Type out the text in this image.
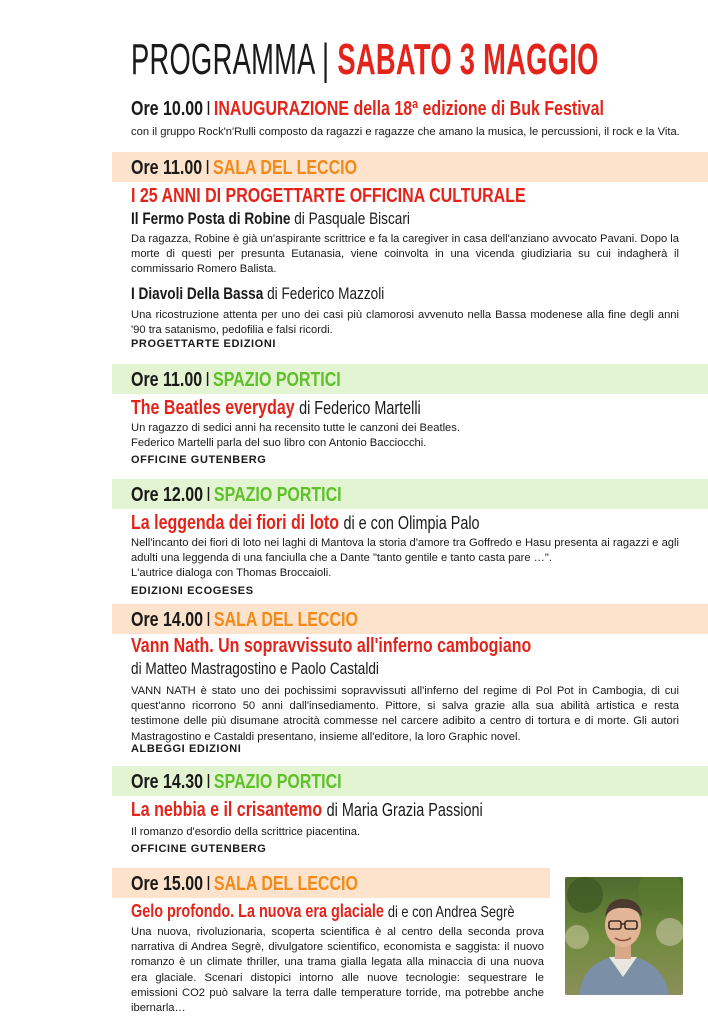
PROGRAMMA | SABATO 3 MAGGIO
Ore 10.00 I INAUGURAZIONE della 18ª edizione di Buk Festival
con il gruppo Rock'n'Rulli composto da ragazzi e ragazze che amano la musica, le percussioni, il rock e la Vita.
Ore 11.00 I SALA DEL LECCIO
I 25 ANNI DI PROGETTARTE OFFICINA CULTURALE
Il Fermo Posta di Robine di Pasquale Biscari
Da ragazza, Robine è già un'aspirante scrittrice e fa la caregiver in casa dell'anziano avvocato Pavani. Dopo la morte di questi per presunta Eutanasia, viene coinvolta in una vicenda giudiziaria su cui indagherà il commissario Romero Balista.
I Diavoli Della Bassa di Federico Mazzoli
Una ricostruzione attenta per uno dei casi più clamorosi avvenuto nella Bassa modenese alla fine degli anni '90 tra satanismo, pedofilia e falsi ricordi.
PROGETTARTE EDIZIONI
Ore 11.00 I SPAZIO PORTICI
The Beatles everyday di Federico Martelli
Un ragazzo di sedici anni ha recensito tutte le canzoni dei Beatles.
Federico Martelli parla del suo libro con Antonio Bacciocchi.
OFFICINE GUTENBERG
Ore 12.00 I SPAZIO PORTICI
La leggenda dei fiori di loto di e con Olimpia Palo
Nell'incanto dei fiori di loto nei laghi di Mantova la storia d'amore tra Goffredo e Hasu presenta ai ragazzi e agli adulti una leggenda di una fanciulla che a Dante "tanto gentile e tanto casta pare …".
L'autrice dialoga con Thomas Broccaioli.
EDIZIONI ECOGESES
Ore 14.00 I SALA DEL LECCIO
Vann Nath. Un sopravvissuto all'inferno cambogiano
di Matteo Mastragostino e Paolo Castaldi
VANN NATH è stato uno dei pochissimi sopravvissuti all'inferno del regime di Pol Pot in Cambogia, di cui quest'anno ricorrono 50 anni dall'insediamento. Pittore, si salva grazie alla sua abilità artistica e resta testimone delle più disumane atrocità commesse nel carcere adibito a centro di tortura e di morte. Gli autori Mastragostino e Castaldi presentano, insieme all'editore, la loro Graphic novel.
ALBEGGI EDIZIONI
Ore 14.30 I SPAZIO PORTICI
La nebbia e il crisantemo di Maria Grazia Passioni
Il romanzo d'esordio della scrittrice piacentina.
OFFICINE GUTENBERG
Ore 15.00 I SALA DEL LECCIO
Gelo profondo. La nuova era glaciale di e con Andrea Segrè
Una nuova, rivoluzionaria, scoperta scientifica è al centro della seconda prova narrativa di Andrea Segrè, divulgatore scientifico, economista e saggista: il nuovo romanzo è un climate thriller, una trama gialla legata alla minaccia di una nuova era glaciale. Scenari distopici intorno alle nuove tecnologie: sequestrare le emissioni CO2 può salvare la terra dalle temperature torride, ma potrebbe anche ibernarla…
